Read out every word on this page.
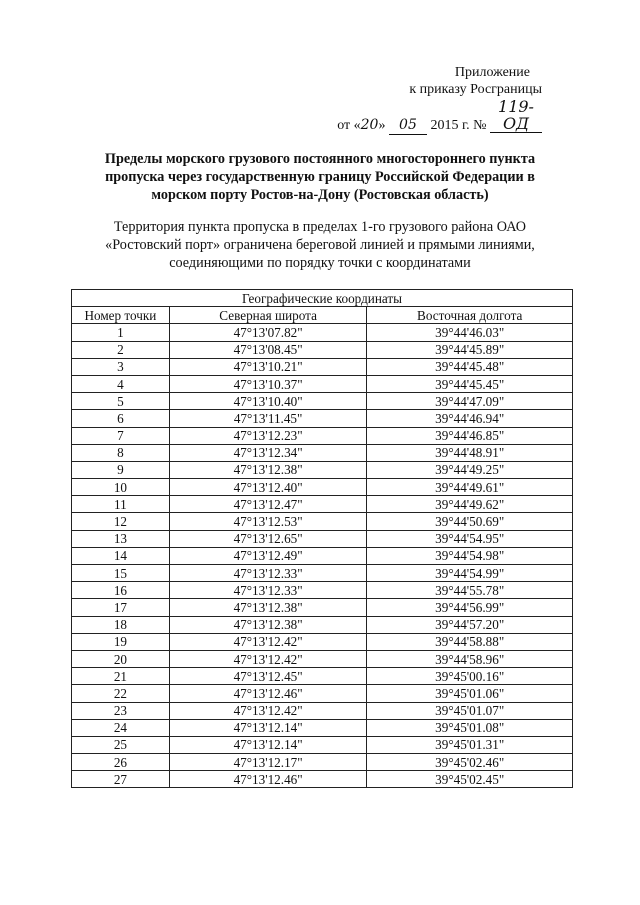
Приложение
к приказу Росграницы
от «20» 05 2015 г. № 119-ОД
Пределы морского грузового постоянного многостороннего пункта
пропуска через государственную границу Российской Федерации в
морском порту Ростов-на-Дону (Ростовская область)
Территория пункта пропуска в пределах 1-го грузового района ОАО
«Ростовский порт» ограничена береговой линией и прямыми линиями,
соединяющими по порядку точки с координатами
Географические координаты		
Номер точки	Северная широта	Восточная долгота
1	47°13'07.82"	39°44'46.03"
2	47°13'08.45"	39°44'45.89"
3	47°13'10.21"	39°44'45.48"
4	47°13'10.37"	39°44'45.45"
5	47°13'10.40"	39°44'47.09"
6	47°13'11.45"	39°44'46.94"
7	47°13'12.23"	39°44'46.85"
8	47°13'12.34"	39°44'48.91"
9	47°13'12.38"	39°44'49.25"
10	47°13'12.40"	39°44'49.61"
11	47°13'12.47"	39°44'49.62"
12	47°13'12.53"	39°44'50.69"
13	47°13'12.65"	39°44'54.95"
14	47°13'12.49"	39°44'54.98"
15	47°13'12.33"	39°44'54.99"
16	47°13'12.33"	39°44'55.78"
17	47°13'12.38"	39°44'56.99"
18	47°13'12.38"	39°44'57.20"
19	47°13'12.42"	39°44'58.88"
20	47°13'12.42"	39°44'58.96"
21	47°13'12.45"	39°45'00.16"
22	47°13'12.46"	39°45'01.06"
23	47°13'12.42"	39°45'01.07"
24	47°13'12.14"	39°45'01.08"
25	47°13'12.14"	39°45'01.31"
26	47°13'12.17"	39°45'02.46"
27	47°13'12.46"	39°45'02.45"
